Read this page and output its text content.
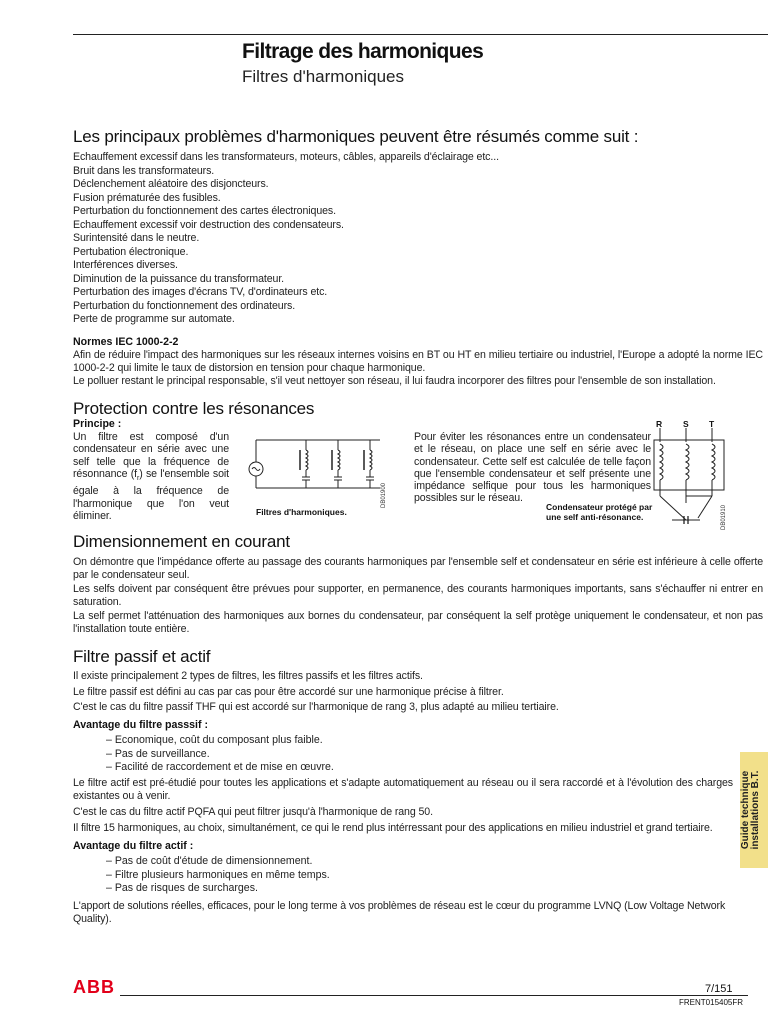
Filtrage des harmoniques
Filtres d'harmoniques
Les principaux problèmes d'harmoniques peuvent être résumés comme suit :
Echauffement excessif dans les transformateurs, moteurs, câbles, appareils d'éclairage etc...
Bruit dans les transformateurs.
Déclenchement aléatoire des disjoncteurs.
Fusion prématurée des fusibles.
Perturbation du fonctionnement des cartes électroniques.
Echauffement excessif voir destruction des condensateurs.
Surintensité dans le neutre.
Pertubation électronique.
Interférences diverses.
Diminution de la puissance du transformateur.
Perturbation des images d'écrans TV, d'ordinateurs etc.
Perturbation du fonctionnement des ordinateurs.
Perte de programme sur automate.
Normes IEC 1000-2-2
Afin de réduire l'impact des harmoniques sur les réseaux internes voisins en BT ou HT en milieu tertiaire ou industriel, l'Europe a adopté la norme IEC 1000-2-2 qui limite le taux de distorsion en tension pour chaque harmonique.
Le polluer restant le principal responsable, s'il veut nettoyer son réseau, il lui faudra incorporer des filtres pour l'ensemble de son installation.
Protection contre les résonances
Principe :
Un filtre est composé d'un condensateur en série avec une self telle que la fréquence de résonnance $(f_r)$ se l'ensemble soit égale à la fréquence de l'harmonique que l'on veut éliminer.	Filtres d'harmoniques.
DB01900
Pour éviter les résonances entre un condensateur et le réseau, on place une self en série avec le condensateur. Cette self est calculée de telle façon que l'ensemble condensateur et self présente une impédance selfique pour tous les harmoniques possibles sur le réseau.
R S T
Condensateur protégé par une self anti-résonance.	DB01910
Dimensionnement en courant
On démontre que l'impédance offerte au passage des courants harmoniques par l'ensemble self et condensateur en série est inférieure à celle offerte par le condensateur seul.
Les selfs doivent par conséquent être prévues pour supporter, en permanence, des courants harmoniques importants, sans s'échauffer ni entrer en saturation.
La self permet l'atténuation des harmoniques aux bornes du condensateur, par conséquent la self protège uniquement le condensateur, et non pas l'installation toute entière.
Filtre passif et actif
Il existe principalement 2 types de filtres, les filtres passifs et les filtres actifs.
Le filtre passif est défini au cas par cas pour être accordé sur une harmonique précise à filtrer.
C'est le cas du filtre passif THF qui est accordé sur l'harmonique de rang 3, plus adapté au milieu tertiaire.
Avantage du filtre passsif :
– Economique, coût du composant plus faible.
– Pas de surveillance.
– Facilité de raccordement et de mise en œuvre.
Le filtre actif est pré-étudié pour toutes les applications et s'adapte automatiquement au réseau ou il sera raccordé et à l'évolution des charges existantes ou à venir.
C'est le cas du filtre actif PQFA qui peut filtrer jusqu'à l'harmonique de rang 50.
Il filtre 15 harmoniques, au choix, simultanément, ce qui le rend plus intérressant pour des applications en milieu industriel et grand tertiaire.
Avantage du filtre actif :
– Pas de coût d'étude de dimensionnement.
– Filtre plusieurs harmoniques en même temps.
– Pas de risques de surcharges.
L'apport de solutions réelles, efficaces, pour le long terme à vos problèmes de réseau est le cœur du programme LVNQ (Low Voltage Network Quality).
Guide technique installations B.T.
ABB	7/151
FRENT015405FR
